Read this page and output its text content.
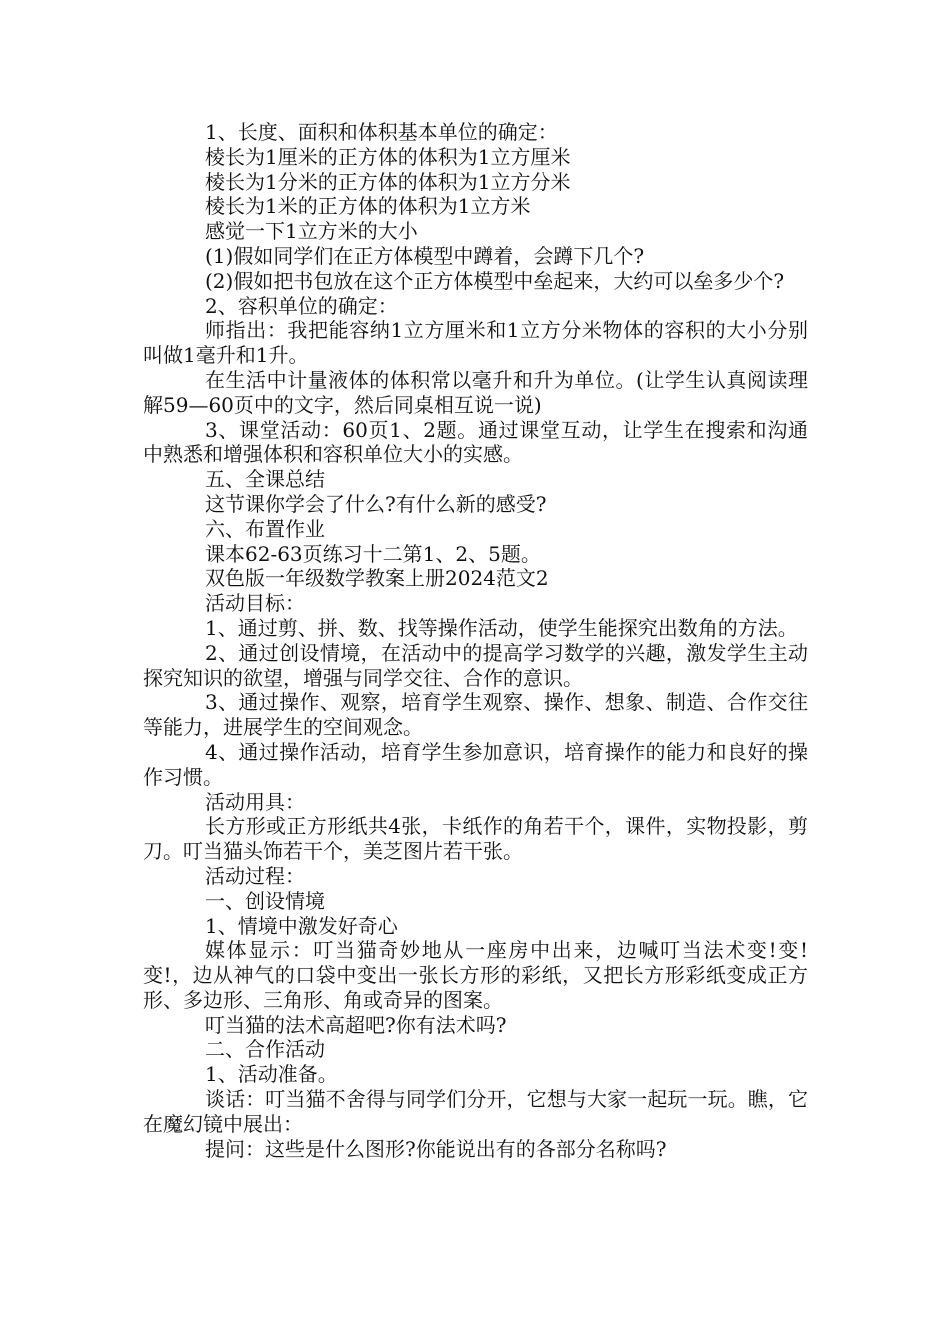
1、长度、面积和体积基本单位的确定：

棱长为1厘米的正方体的体积为1立方厘米

棱长为1分米的正方体的体积为1立方分米

棱长为1米的正方体的体积为1立方米

感觉一下1立方米的大小

(1)假如同学们在正方体模型中蹲着，会蹲下几个?

(2)假如把书包放在这个正方体模型中垒起来，大约可以垒多少个?

2、容积单位的确定：

师指出：我把能容纳1立方厘米和1立方分米物体的容积的大小分别叫做1毫升和1升。

在生活中计量液体的体积常以毫升和升为单位。(让学生认真阅读理解59—60页中的文字，然后同桌相互说一说)

3、课堂活动：60页1、2题。通过课堂互动，让学生在搜索和沟通中熟悉和增强体积和容积单位大小的实感。

五、全课总结

这节课你学会了什么?有什么新的感受?

六、布置作业

课本62-63页练习十二第1、2、5题。

双色版一年级数学教案上册2024范文2

活动目标：

1、通过剪、拼、数、找等操作活动，使学生能探究出数角的方法。

2、通过创设情境，在活动中的提高学习数学的兴趣，激发学生主动探究知识的欲望，增强与同学交往、合作的意识。

3、通过操作、观察，培育学生观察、操作、想象、制造、合作交往等能力，进展学生的空间观念。

4、通过操作活动，培育学生参加意识，培育操作的能力和良好的操作习惯。

活动用具：

长方形或正方形纸共4张，卡纸作的角若干个，课件，实物投影，剪刀。叮当猫头饰若干个，美芝图片若干张。

活动过程：

一、创设情境

1、情境中激发好奇心

媒体显示：叮当猫奇妙地从一座房中出来，边喊叮当法术变!变!变!，边从神气的口袋中变出一张长方形的彩纸，又把长方形彩纸变成正方形、多边形、三角形、角或奇异的图案。

叮当猫的法术高超吧?你有法术吗?

二、合作活动

1、活动准备。

谈话：叮当猫不舍得与同学们分开，它想与大家一起玩一玩。瞧，它在魔幻镜中展出：

提问：这些是什么图形?你能说出有的各部分名称吗?
